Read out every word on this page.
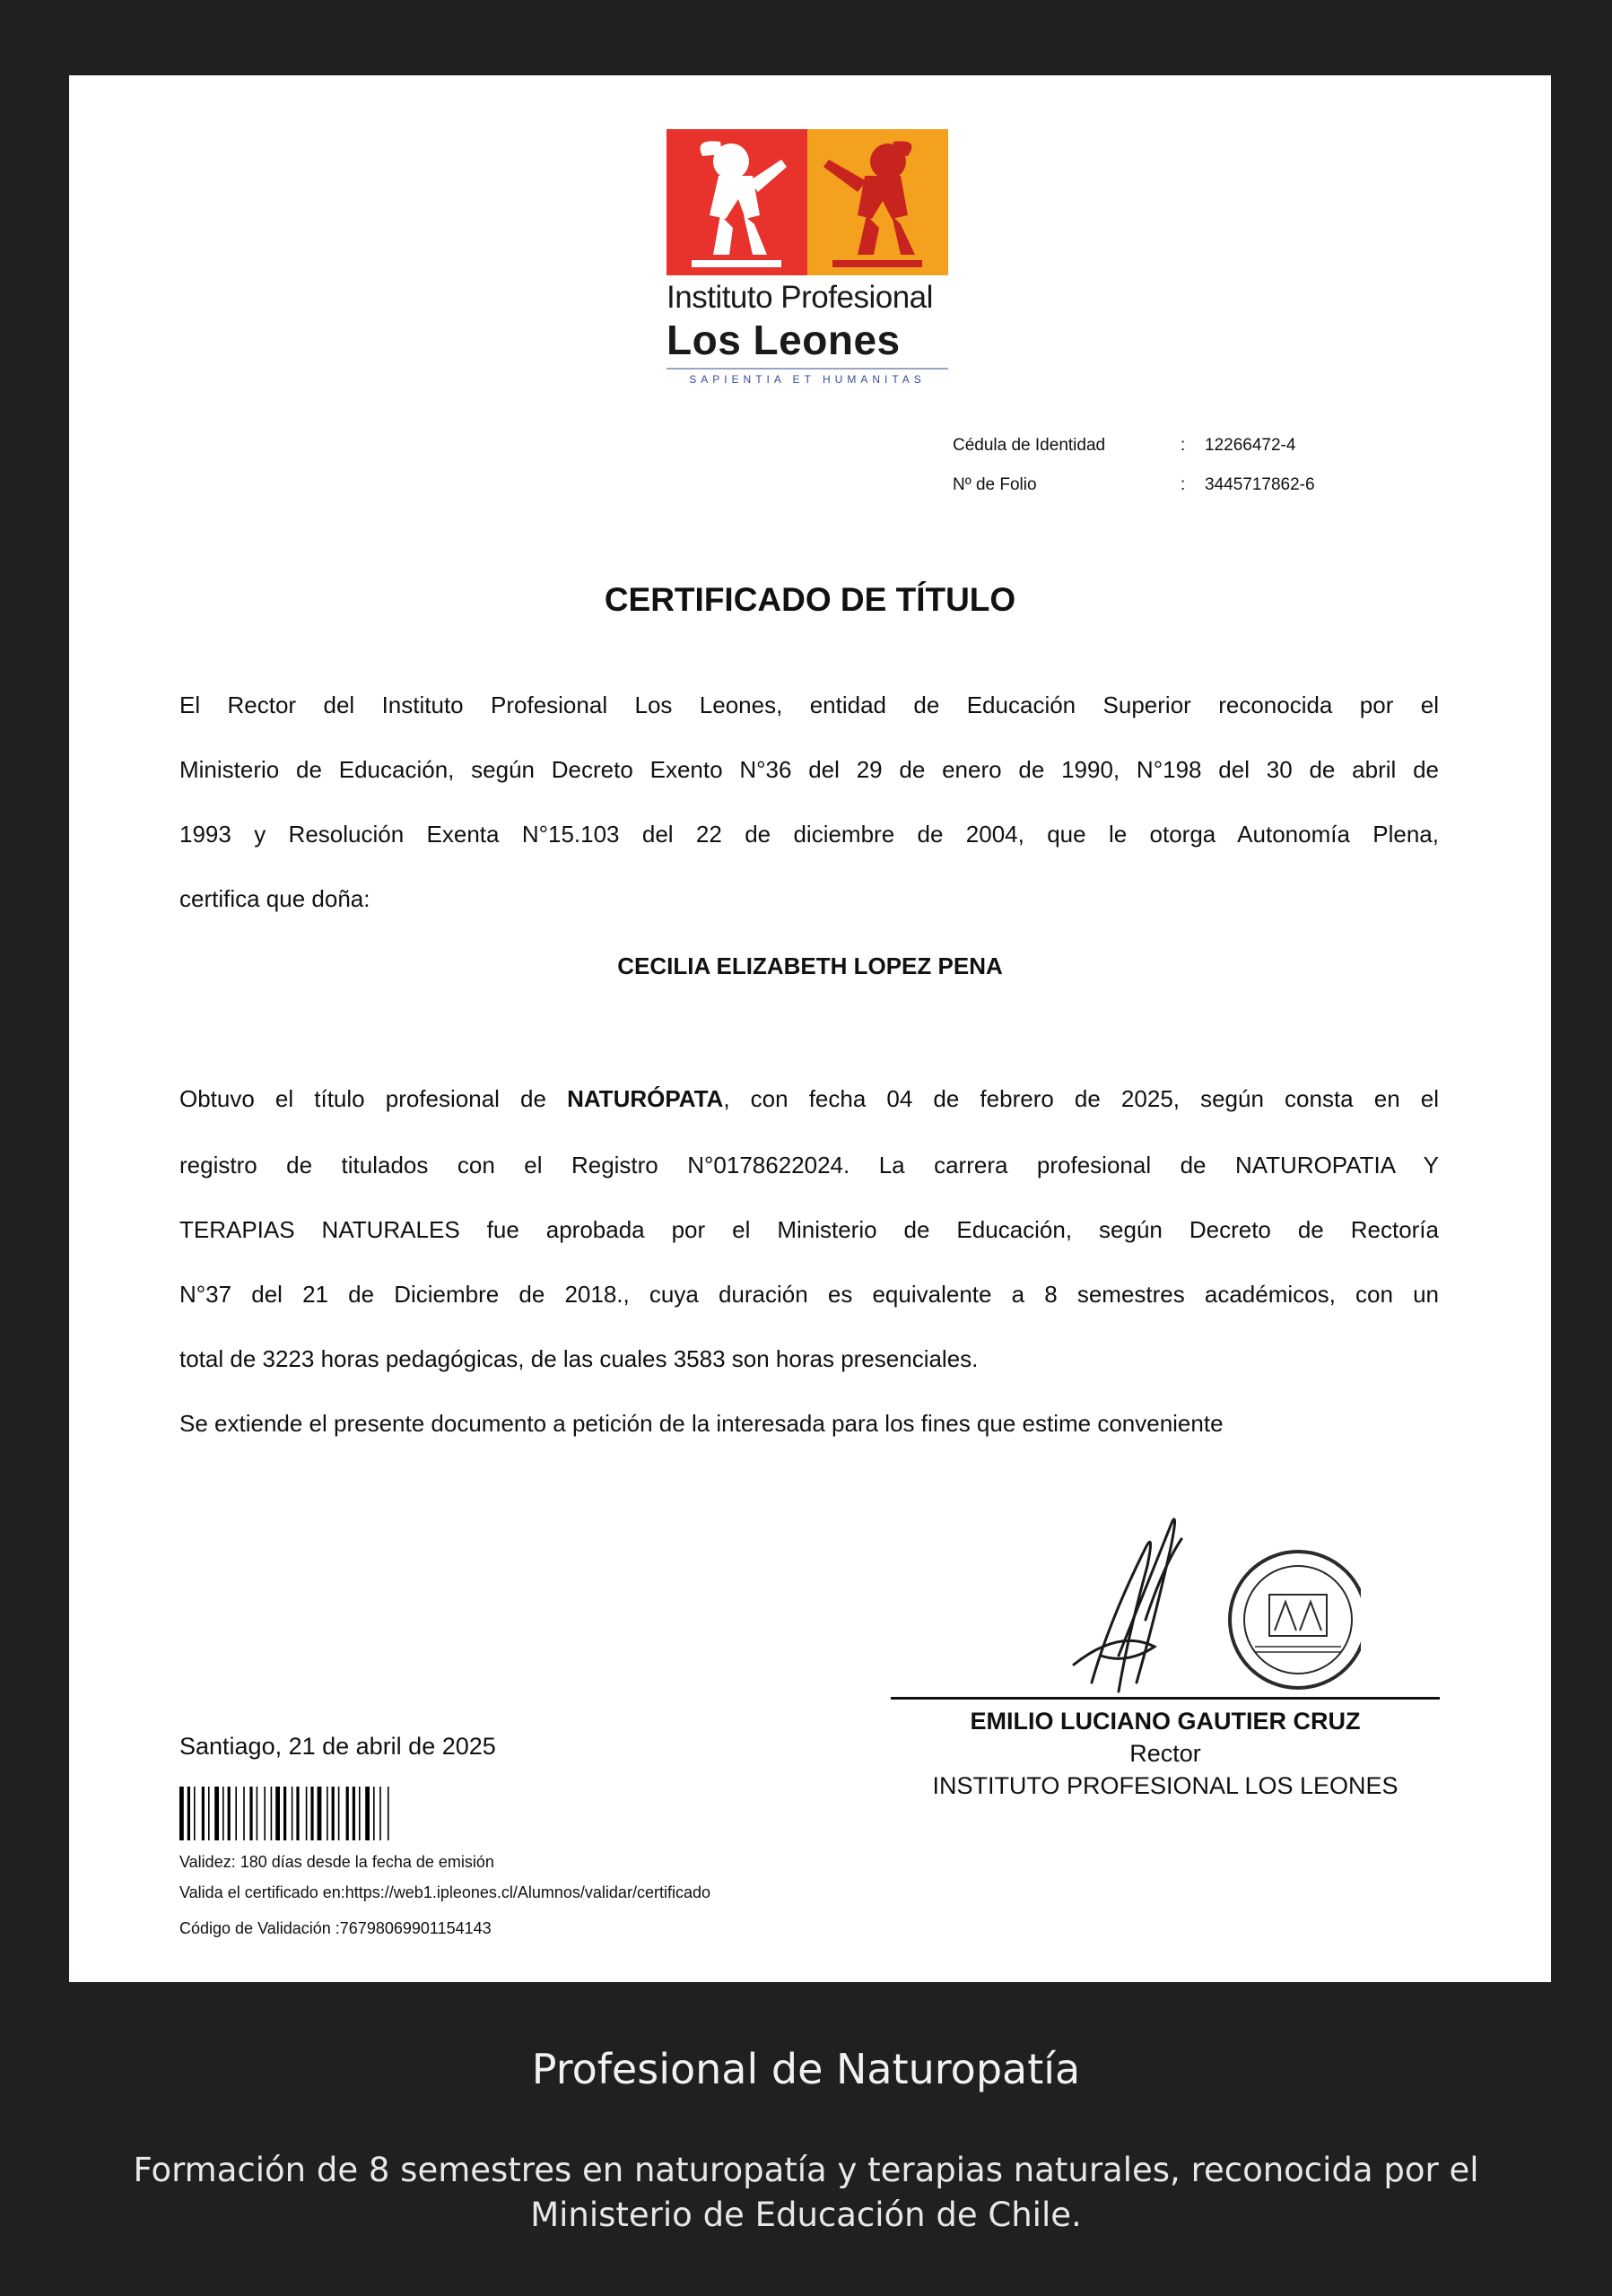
Instituto Profesional
Los Leones
SAPIENTIA ET HUMANITAS
Cédula de Identidad	: 12266472-4
Nº de Folio	: 3445717862-6
CERTIFICADO DE TÍTULO
El Rector del Instituto Profesional Los Leones, entidad de Educación Superior reconocida por el
Ministerio de Educación, según Decreto Exento N°36 del 29 de enero de 1990, N°198 del 30 de abril de
1993 y Resolución Exenta N°15.103 del 22 de diciembre de 2004, que le otorga Autonomía Plena,
certifica que doña:
CECILIA ELIZABETH LOPEZ PENA
Obtuvo el título profesional de NATURÓPATA, con fecha 04 de febrero de 2025, según consta en el
registro de titulados con el Registro N°0178622024. La carrera profesional de NATUROPATIA Y
TERAPIAS NATURALES fue aprobada por el Ministerio de Educación, según Decreto de Rectoría
N°37 del 21 de Diciembre de 2018., cuya duración es equivalente a 8 semestres académicos, con un
total de 3223 horas pedagógicas, de las cuales 3583 son horas presenciales.
Se extiende el presente documento a petición de la interesada para los fines que estime conveniente
EMILIO LUCIANO GAUTIER CRUZ
Rector
INSTITUTO PROFESIONAL LOS LEONES
Santiago, 21 de abril de 2025
Validez: 180 días desde la fecha de emisión
Valida el certificado en:https://web1.ipleones.cl/Alumnos/validar/certificado
Código de Validación :76798069901154143
Profesional de Naturopatía
Formación de 8 semestres en naturopatía y terapias naturales, reconocida por el Ministerio de Educación de Chile.
